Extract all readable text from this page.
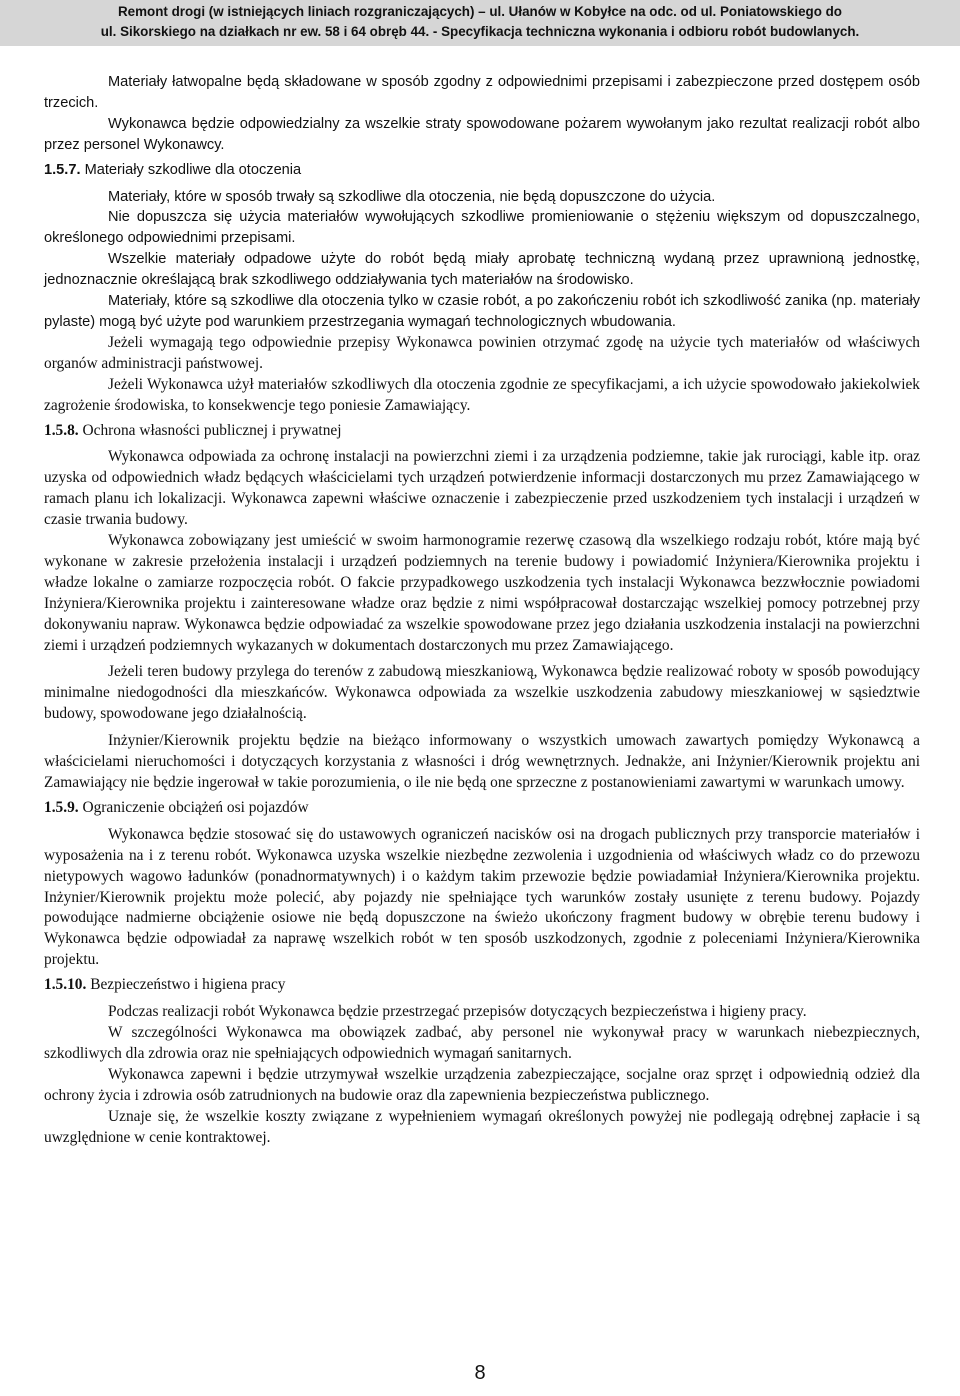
Remont drogi (w istniejących liniach rozgraniczających) – ul. Ułanów w Kobyłce na odc. od ul. Poniatowskiego do
ul. Sikorskiego na działkach nr ew. 58 i 64 obręb 44. - Specyfikacja techniczna wykonania i odbioru robót budowlanych.

Materiały łatwopalne będą składowane w sposób zgodny z odpowiednimi przepisami i zabezpieczone przed dostępem osób trzecich.

Wykonawca będzie odpowiedzialny za wszelkie straty spowodowane pożarem wywołanym jako rezultat realizacji robót albo przez personel Wykonawcy.

1.5.7. Materiały szkodliwe dla otoczenia

Materiały, które w sposób trwały są szkodliwe dla otoczenia, nie będą dopuszczone do użycia.

Nie dopuszcza się użycia materiałów wywołujących szkodliwe promieniowanie o stężeniu większym od dopuszczalnego, określonego odpowiednimi przepisami.

Wszelkie materiały odpadowe użyte do robót będą miały aprobatę techniczną wydaną przez uprawnioną jednostkę, jednoznacznie określającą brak szkodliwego oddziaływania tych materiałów na środowisko.

Materiały, które są szkodliwe dla otoczenia tylko w czasie robót, a po zakończeniu robót ich szkodliwość zanika (np. materiały pylaste) mogą być użyte pod warunkiem przestrzegania wymagań technologicznych wbudowania.

Jeżeli wymagają tego odpowiednie przepisy Wykonawca powinien otrzymać zgodę na użycie tych materiałów od właściwych organów administracji państwowej.

Jeżeli Wykonawca użył materiałów szkodliwych dla otoczenia zgodnie ze specyfikacjami, a ich użycie spowodowało jakiekolwiek zagrożenie środowiska, to konsekwencje tego poniesie Zamawiający.

1.5.8. Ochrona własności publicznej i prywatnej

Wykonawca odpowiada za ochronę instalacji na powierzchni ziemi i za urządzenia podziemne, takie jak rurociągi, kable itp. oraz uzyska od odpowiednich władz będących właścicielami tych urządzeń potwierdzenie informacji dostarczonych mu przez Zamawiającego w ramach planu ich lokalizacji. Wykonawca zapewni właściwe oznaczenie i zabezpieczenie przed uszkodzeniem tych instalacji i urządzeń w czasie trwania budowy.

Wykonawca zobowiązany jest umieścić w swoim harmonogramie rezerwę czasową dla wszelkiego rodzaju robót, które mają być wykonane w zakresie przełożenia instalacji i urządzeń podziemnych na terenie budowy i powiadomić Inżyniera/Kierownika projektu i władze lokalne o zamiarze rozpoczęcia robót. O fakcie przypadkowego uszkodzenia tych instalacji Wykonawca bezzwłocznie powiadomi Inżyniera/Kierownika projektu i zainteresowane władze oraz będzie z nimi współpracował dostarczając wszelkiej pomocy potrzebnej przy dokonywaniu napraw. Wykonawca będzie odpowiadać za wszelkie spowodowane przez jego działania uszkodzenia instalacji na powierzchni ziemi i urządzeń podziemnych wykazanych w dokumentach dostarczonych mu przez Zamawiającego.

Jeżeli teren budowy przylega do terenów z zabudową mieszkaniową, Wykonawca będzie realizować roboty w sposób powodujący minimalne niedogodności dla mieszkańców. Wykonawca odpowiada za wszelkie uszkodzenia zabudowy mieszkaniowej w sąsiedztwie budowy, spowodowane jego działalnością.

Inżynier/Kierownik projektu będzie na bieżąco informowany o wszystkich umowach zawartych pomiędzy Wykonawcą a właścicielami nieruchomości i dotyczących korzystania z własności i dróg wewnętrznych. Jednakże, ani Inżynier/Kierownik projektu ani Zamawiający nie będzie ingerował w takie porozumienia, o ile nie będą one sprzeczne z postanowieniami zawartymi w warunkach umowy.

1.5.9. Ograniczenie obciążeń osi pojazdów

Wykonawca będzie stosować się do ustawowych ograniczeń nacisków osi na drogach publicznych przy transporcie materiałów i wyposażenia na i z terenu robót. Wykonawca uzyska wszelkie niezbędne zezwolenia i uzgodnienia od właściwych władz co do przewozu nietypowych wagowo ładunków (ponadnormatywnych) i o każdym takim przewozie będzie powiadamiał Inżyniera/Kierownika projektu. Inżynier/Kierownik projektu może polecić, aby pojazdy nie spełniające tych warunków zostały usunięte z terenu budowy. Pojazdy powodujące nadmierne obciążenie osiowe nie będą dopuszczone na świeżo ukończony fragment budowy w obrębie terenu budowy i Wykonawca będzie odpowiadał za naprawę wszelkich robót w ten sposób uszkodzonych, zgodnie z poleceniami Inżyniera/Kierownika projektu.

1.5.10. Bezpieczeństwo i higiena pracy

Podczas realizacji robót Wykonawca będzie przestrzegać przepisów dotyczących bezpieczeństwa i higieny pracy.

W szczególności Wykonawca ma obowiązek zadbać, aby personel nie wykonywał pracy w warunkach niebezpiecznych, szkodliwych dla zdrowia oraz nie spełniających odpowiednich wymagań sanitarnych.

Wykonawca zapewni i będzie utrzymywał wszelkie urządzenia zabezpieczające, socjalne oraz sprzęt i odpowiednią odzież dla ochrony życia i zdrowia osób zatrudnionych na budowie oraz dla zapewnienia bezpieczeństwa publicznego.

Uznaje się, że wszelkie koszty związane z wypełnieniem wymagań określonych powyżej nie podlegają odrębnej zapłacie i są uwzględnione w cenie kontraktowej.

8
